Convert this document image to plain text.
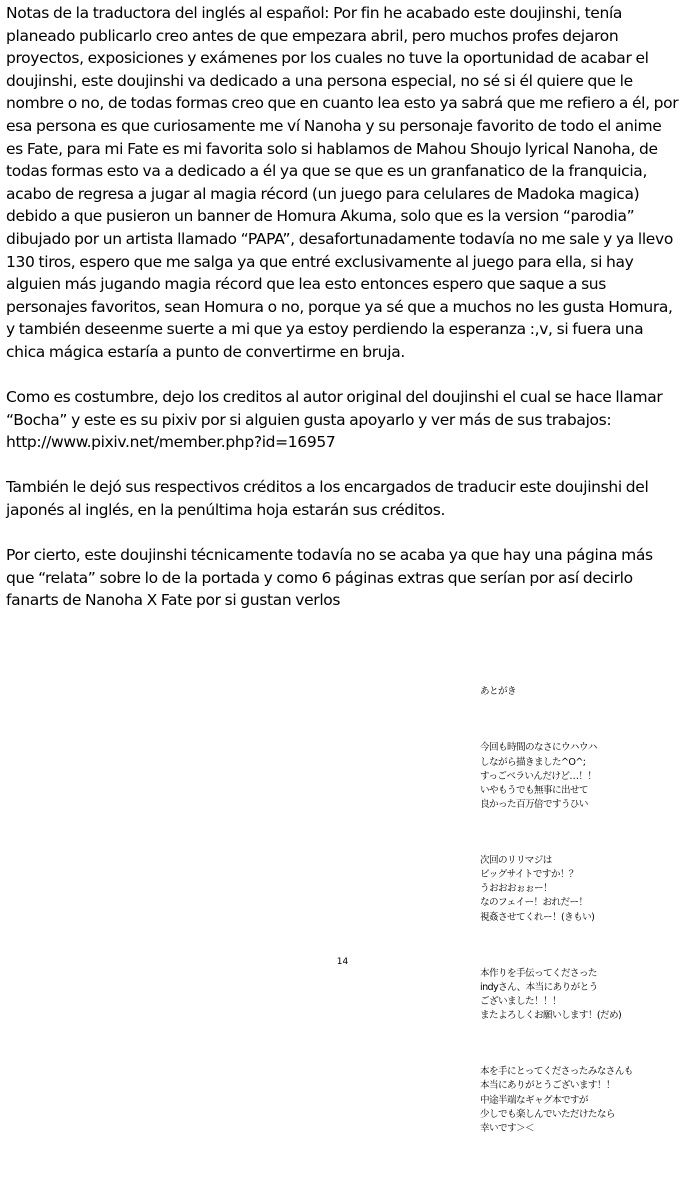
Notas de la traductora del inglés al español: Por fin he acabado este doujinshi, tenía planeado publicarlo creo antes de que empezara abril, pero muchos profes dejaron proyectos, exposiciones y exámenes por los cuales no tuve la oportunidad de acabar el doujinshi, este doujinshi va dedicado a una persona especial, no sé si él quiere que le nombre o no, de todas formas creo que en cuanto lea esto ya sabrá que me refiero a él, por esa persona es que curiosamente me ví Nanoha y su personaje favorito de todo el anime es Fate, para mi Fate es mi favorita solo si hablamos de Mahou Shoujo lyrical Nanoha, de todas formas esto va a dedicado a él ya que se que es un granfanatico de la franquicia, acabo de regresa a jugar al magia récord (un juego para celulares de Madoka magica) debido a que pusieron un banner de Homura Akuma, solo que es la version “parodia” dibujado por un artista llamado “PAPA”, desafortunadamente todavía no me sale y ya llevo 130 tiros, espero que me salga ya que entré exclusivamente al juego para ella, si hay alguien más jugando magia récord que lea esto entonces espero que saque a sus personajes favoritos, sean Homura o no, porque ya sé que a muchos no les gusta Homura, y también deseenme suerte a mi que ya estoy perdiendo la esperanza :,v, si fuera una chica mágica estaría a punto de convertirme en bruja.

Como es costumbre, dejo los creditos al autor original del doujinshi el cual se hace llamar “Bocha” y este es su pixiv por si alguien gusta apoyarlo y ver más de sus trabajos: http://www.pixiv.net/member.php?id=16957

También le dejó sus respectivos créditos a los encargados de traducir este doujinshi del japonés al inglés, en la penúltima hoja estarán sus créditos.

Por cierto, este doujinshi técnicamente todavía no se acaba ya que hay una página más que “relata” sobre lo de la portada y como 6 páginas extras que serían por así decirlo fanarts de Nanoha X Fate por si gustan verlos

あとがき

今回も時間のなさにウハウハ
しながら描きました^O^;
すっごベラいんだけど…！！
いやもうでも無事に出せて
良かった百万倍ですうひい

次回のリリマジは
ビッグサイトですか！？
うおおおぉぉー！
なのフェイー！おれだー！
視姦させてくれー！(きもい)

本作りを手伝ってくださった
indyさん、本当にありがとう
ございました！！！
またよろしくお願いします！(だめ)

本を手にとってくださったみなさんも
本当にありがとうございます！！
中途半端なギャグ本ですが
少しでも楽しんでいただけたなら
幸いです＞＜

14
